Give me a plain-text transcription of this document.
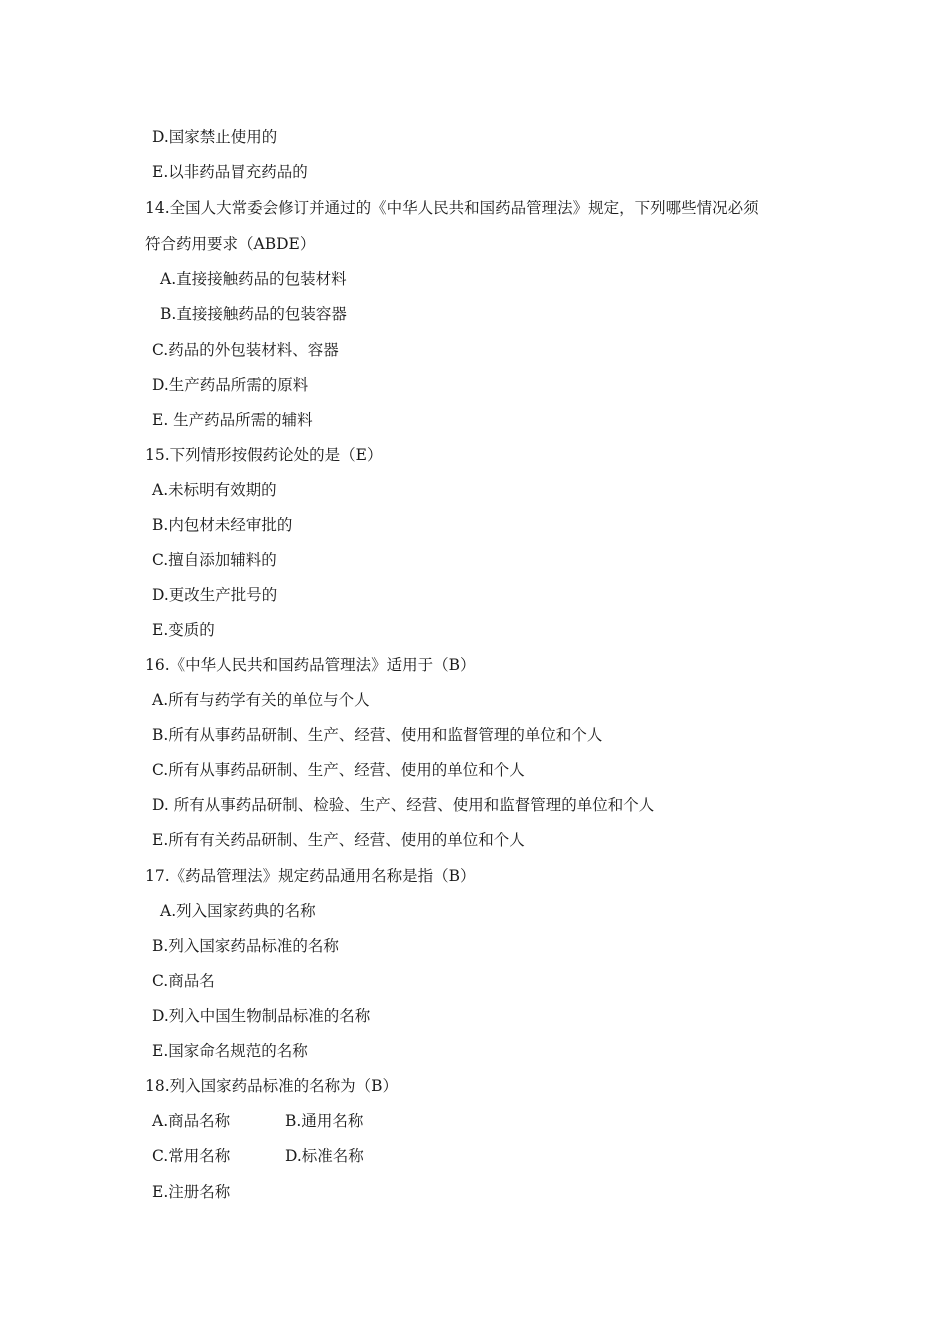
D.国家禁止使用的
E.以非药品冒充药品的
14.全国人大常委会修订并通过的《中华人民共和国药品管理法》规定，下列哪些情况必须
符合药用要求（ABDE）
A.直接接触药品的包装材料
B.直接接触药品的包装容器
C.药品的外包装材料、容器
D.生产药品所需的原料
E. 生产药品所需的辅料
15.下列情形按假药论处的是（E）
A.未标明有效期的
B.内包材未经审批的
C.擅自添加辅料的
D.更改生产批号的
E.变质的
16.《中华人民共和国药品管理法》适用于（B）
A.所有与药学有关的单位与个人
B.所有从事药品研制、生产、经营、使用和监督管理的单位和个人
C.所有从事药品研制、生产、经营、使用的单位和个人
D. 所有从事药品研制、检验、生产、经营、使用和监督管理的单位和个人
E.所有有关药品研制、生产、经营、使用的单位和个人
17.《药品管理法》规定药品通用名称是指（B）
A.列入国家药典的名称
B.列入国家药品标准的名称
C.商品名
D.列入中国生物制品标准的名称
E.国家命名规范的名称
18.列入国家药品标准的名称为（B）
A.商品名称	B.通用名称
C.常用名称	D.标准名称
E.注册名称
